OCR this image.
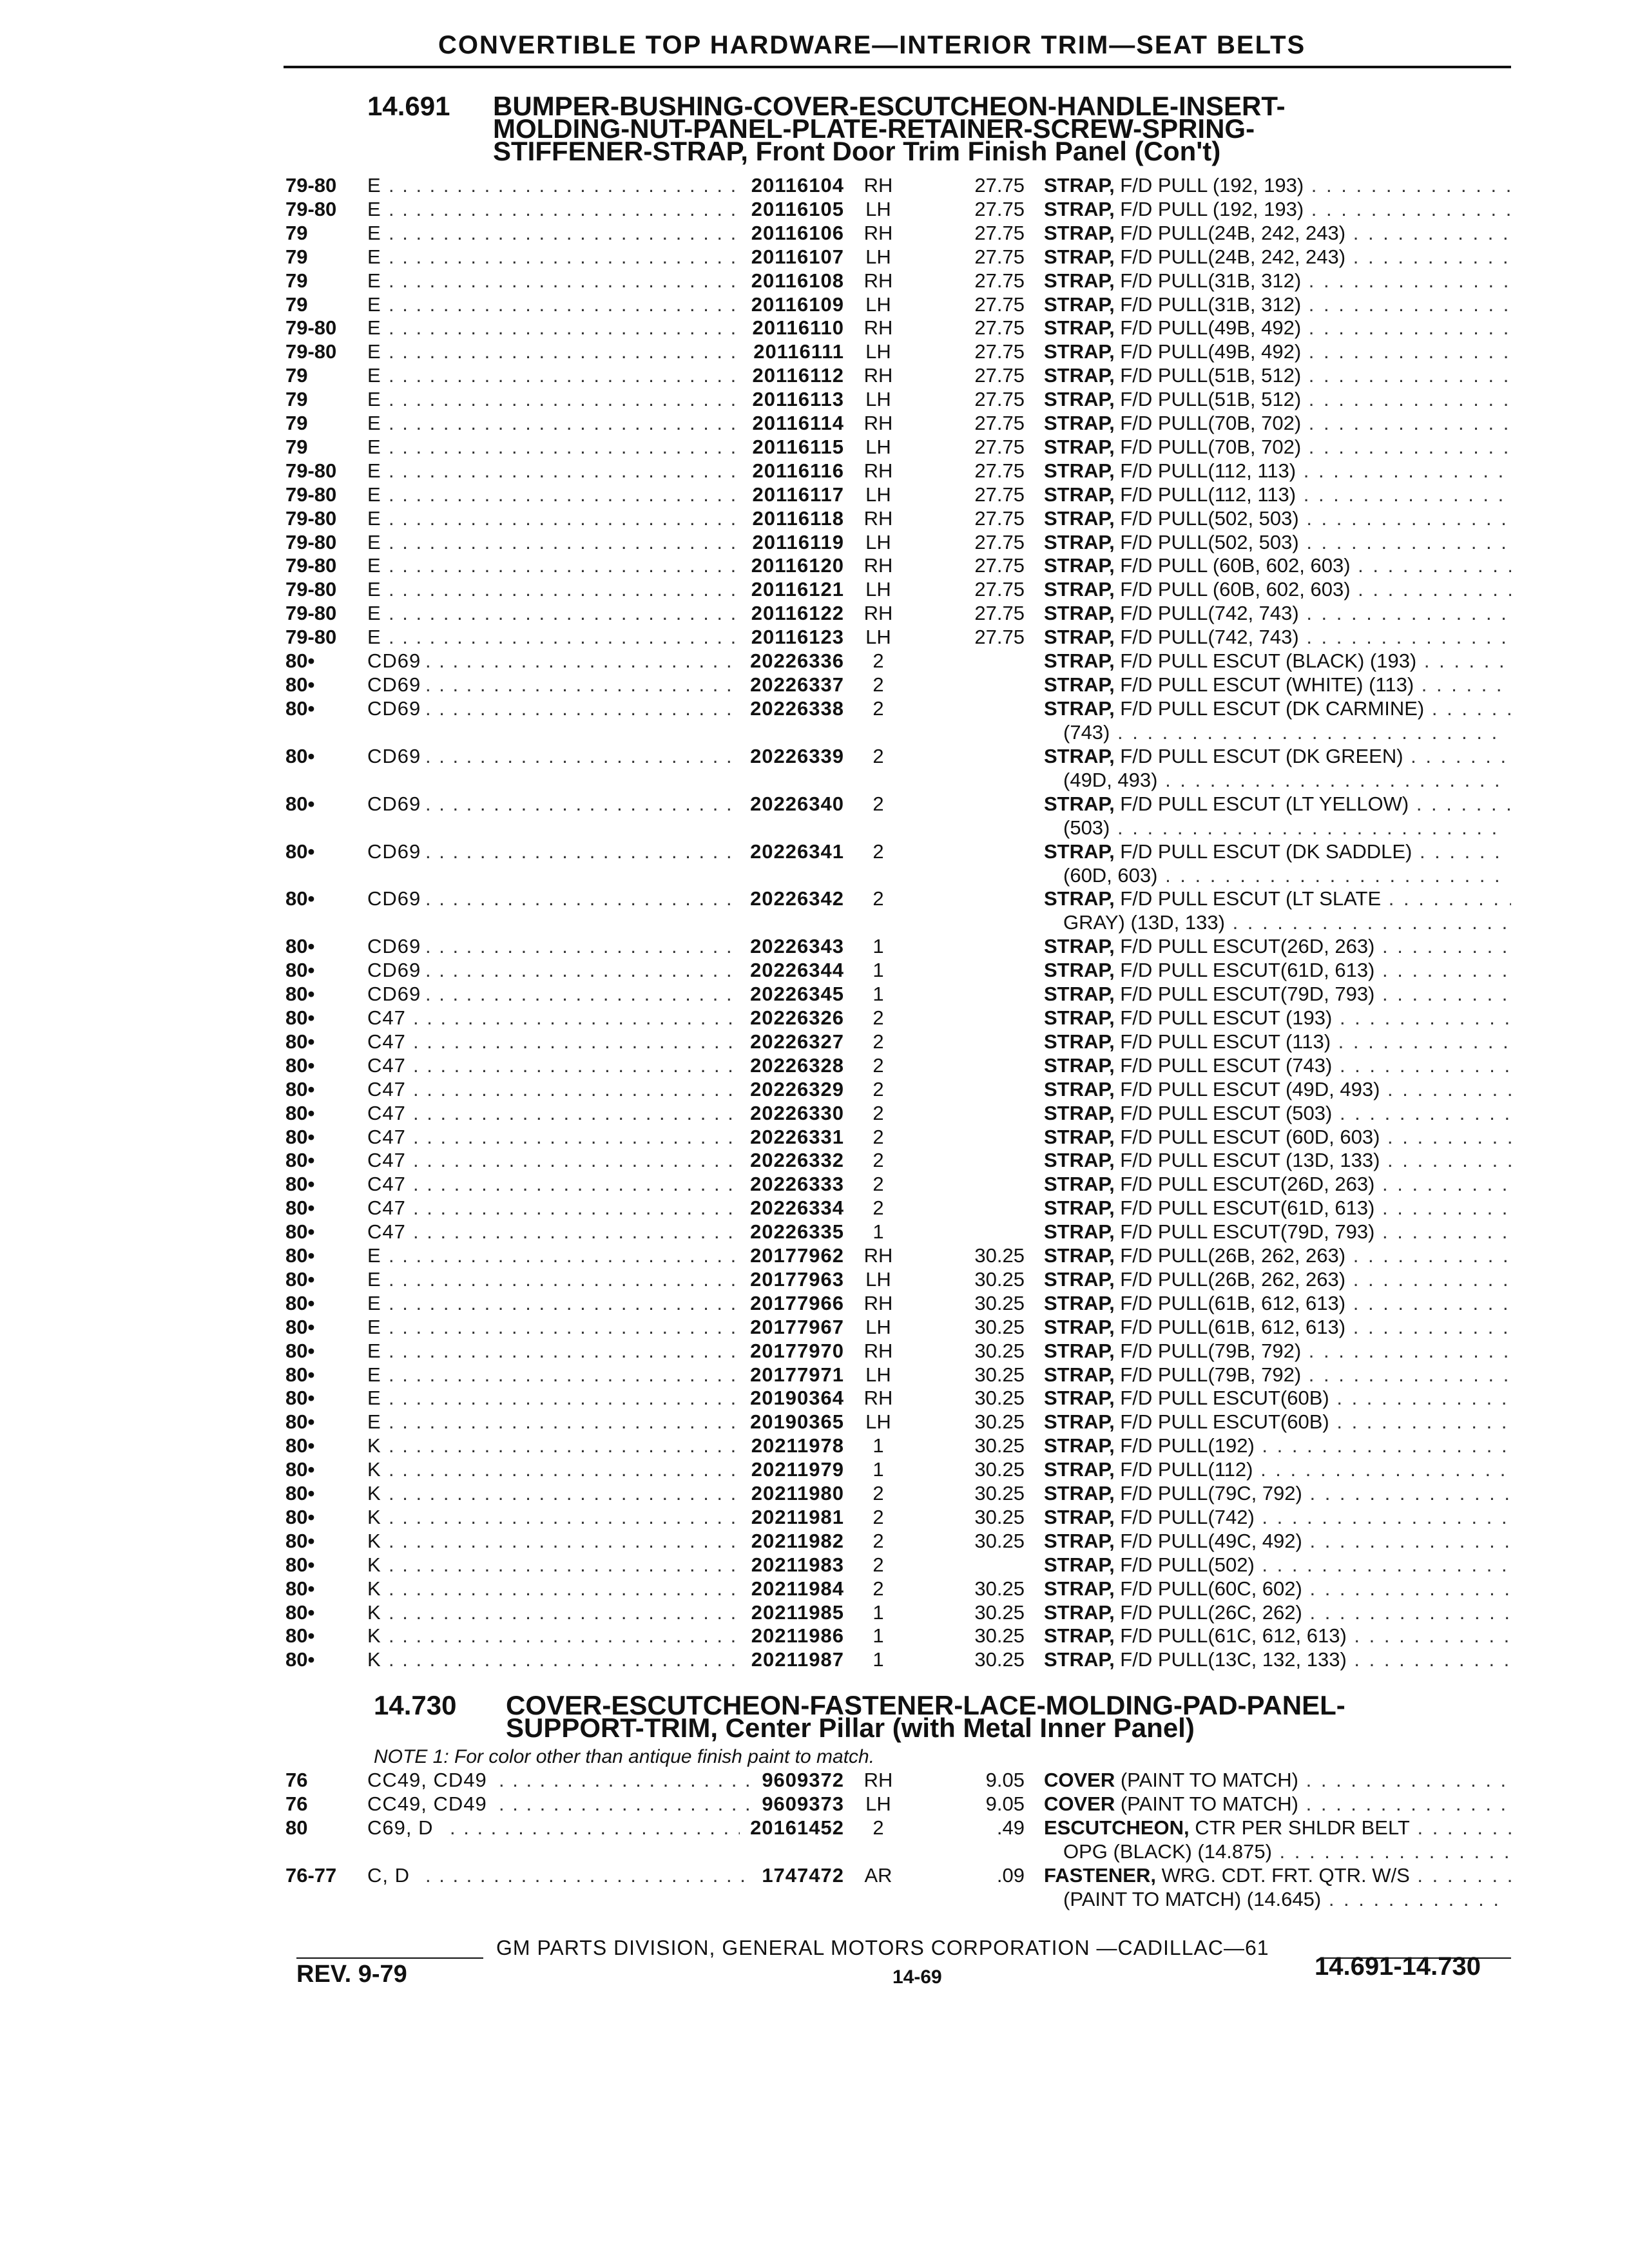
CONVERTIBLE TOP HARDWARE—INTERIOR TRIM—SEAT BELTS
14.691 BUMPER-BUSHING-COVER-ESCUTCHEON-HANDLE-INSERT-
MOLDING-NUT-PANEL-PLATE-RETAINER-SCREW-SPRING-
STIFFENER-STRAP, Front Door Trim Finish Panel (Con't)
79-80 E . . .	20116104 RH	27.75 STRAP, F/D PULL (192, 193) . . .
79-80 E . . .	20116105	LH	27.75 STRAP, F/D PULL (192, 193) . . .
79	E . . .	20116106 RH	27.75 STRAP, F/D PULL(24B, 242, 243) . . .
79	E . . .	20116107	LH	27.75 STRAP, F/D PULL(24B, 242, 243) . . .
79	E . . .	20116108 RH	27.75 STRAP, F/D PULL(31B, 312) . . .
79	E . . .	20116109	LH	27.75 STRAP, F/D PULL(31B, 312) . . .
79-80 E . . .	20116110 RH	27.75 STRAP, F/D PULL(49B, 492) . . .
79-80 E . . .	20116111	LH	27.75 STRAP, F/D PULL(49B, 492) . . .
79	E . . .	20116112 RH	27.75 STRAP, F/D PULL(51B, 512) . . .
79	E . . .	20116113	LH	27.75 STRAP, F/D PULL(51B, 512) . . .
79	E . . .	20116114 RH	27.75 STRAP, F/D PULL(70B, 702) . . .
79	E . . .	20116115	LH	27.75 STRAP, F/D PULL(70B, 702) . . .
79-80 E . . .	20116116 RH	27.75 STRAP, F/D PULL(112, 113) . . .
79-80 E . . .	20116117	LH	27.75 STRAP, F/D PULL(112, 113) . . .
79-80 E . . .	20116118 RH	27.75 STRAP, F/D PULL(502, 503) . . .
79-80 E . . .	20116119	LH	27.75 STRAP, F/D PULL(502, 503) . . .
79-80 E . . .	20116120 RH	27.75 STRAP, F/D PULL (60B, 602, 603) . . .
79-80 E . . .	20116121	LH	27.75 STRAP, F/D PULL (60B, 602, 603) . . .
79-80 E . . .	20116122 RH	27.75 STRAP, F/D PULL(742, 743) . . .
79-80 E . . .	20116123	LH	27.75 STRAP, F/D PULL(742, 743) . . .
80•	CD69 . . .	20226336	2	STRAP, F/D PULL ESCUT (BLACK) (193) . . .
80•	CD69 . . .	20226337	2	STRAP, F/D PULL ESCUT (WHITE) (113) . . .
80•	CD69 . . .	20226338	2	STRAP, F/D PULL ESCUT (DK CARMINE) . . .
(743) . . .
80•	CD69 . . .	20226339	2	STRAP, F/D PULL ESCUT (DK GREEN) . . .
(49D, 493) . . .
80•	CD69 . . .	20226340	2	STRAP, F/D PULL ESCUT (LT YELLOW) . . .
(503) . . .
80•	CD69 . . .	20226341	2	STRAP, F/D PULL ESCUT (DK SADDLE) . . .
(60D, 603) . . .
80•	CD69 . . .	20226342	2	STRAP, F/D PULL ESCUT (LT SLATE . . .
GRAY) (13D, 133) . . .
80•	CD69 . . .	20226343	1	STRAP, F/D PULL ESCUT(26D, 263) . . .
80•	CD69 . . .	20226344	1	STRAP, F/D PULL ESCUT(61D, 613) . . .
80•	CD69 . . .	20226345	1	STRAP, F/D PULL ESCUT(79D, 793) . . .
80•	C47 . . .	20226326	2	STRAP, F/D PULL ESCUT (193) . . .
80•	C47 . . .	20226327	2	STRAP, F/D PULL ESCUT (113) . . .
80•	C47 . . .	20226328	2	STRAP, F/D PULL ESCUT (743) . . .
80•	C47 . . .	20226329	2	STRAP, F/D PULL ESCUT (49D, 493) . . .
80•	C47 . . .	20226330	2	STRAP, F/D PULL ESCUT (503) . . .
80•	C47 . . .	20226331	2	STRAP, F/D PULL ESCUT (60D, 603) . . .
80•	C47 . . .	20226332	2	STRAP, F/D PULL ESCUT (13D, 133) . . .
80•	C47 . . .	20226333	2	STRAP, F/D PULL ESCUT(26D, 263) . . .
80•	C47 . . .	20226334	2	STRAP, F/D PULL ESCUT(61D, 613) . . .
80•	C47 . . .	20226335	1	STRAP, F/D PULL ESCUT(79D, 793) . . .
80•	E . . .	20177962 RH	30.25 STRAP, F/D PULL(26B, 262, 263) . . .
80•	E . . .	20177963	LH	30.25 STRAP, F/D PULL(26B, 262, 263) . . .
80•	E . . .	20177966 RH	30.25 STRAP, F/D PULL(61B, 612, 613) . . .
80•	E . . .	20177967	LH	30.25 STRAP, F/D PULL(61B, 612, 613) . . .
80•	E . . .	20177970 RH	30.25 STRAP, F/D PULL(79B, 792) . . .
80•	E . . .	20177971	LH	30.25 STRAP, F/D PULL(79B, 792) . . .
80•	E . . .	20190364 RH	30.25 STRAP, F/D PULL ESCUT(60B) . . .
80•	E . . .	20190365	LH	30.25 STRAP, F/D PULL ESCUT(60B) . . .
80•	K . . .	20211978	1	30.25 STRAP, F/D PULL(192) . . .
80•	K . . .	20211979	1	30.25 STRAP, F/D PULL(112) . . .
80•	K . . .	20211980	2	30.25 STRAP, F/D PULL(79C, 792) . . .
80•	K . . .	20211981	2	30.25 STRAP, F/D PULL(742) . . .
80•	K . . .	20211982	2	30.25 STRAP, F/D PULL(49C, 492) . . .
80•	K . . .	20211983	2	STRAP, F/D PULL(502) . . .
80•	K . . .	20211984	2	30.25 STRAP, F/D PULL(60C, 602) . . .
80•	K . . .	20211985	1	30.25 STRAP, F/D PULL(26C, 262) . . .
80•	K . . .	20211986	1	30.25 STRAP, F/D PULL(61C, 612, 613) . . .
80•	K . . .	20211987	1	30.25 STRAP, F/D PULL(13C, 132, 133) . . .
14.730 COVER-ESCUTCHEON-FASTENER-LACE-MOLDING-PAD-PANEL-
SUPPORT-TRIM, Center Pillar (with Metal Inner Panel)
NOTE 1: For color other than antique finish paint to match.
76	CC49, CD49 . . .	9609372 RH	9.05 COVER (PAINT TO MATCH) . . .
76	CC49, CD49 . . .	9609373	LH	9.05 COVER (PAINT TO MATCH) . . .
80	C69, D . . .	20161452	2	.49 ESCUTCHEON, CTR PER SHLDR BELT . . .
OPG (BLACK) (14.875) . . .
76-77 C, D . . .	1747472	AR	.09 FASTENER, WRG. CDT. FRT. QTR. W/S . . .
(PAINT TO MATCH) (14.645) . . .
GM PARTS DIVISION, GENERAL MOTORS CORPORATION —CADILLAC—61
REV. 9-79	14-69	14.691-14.730
